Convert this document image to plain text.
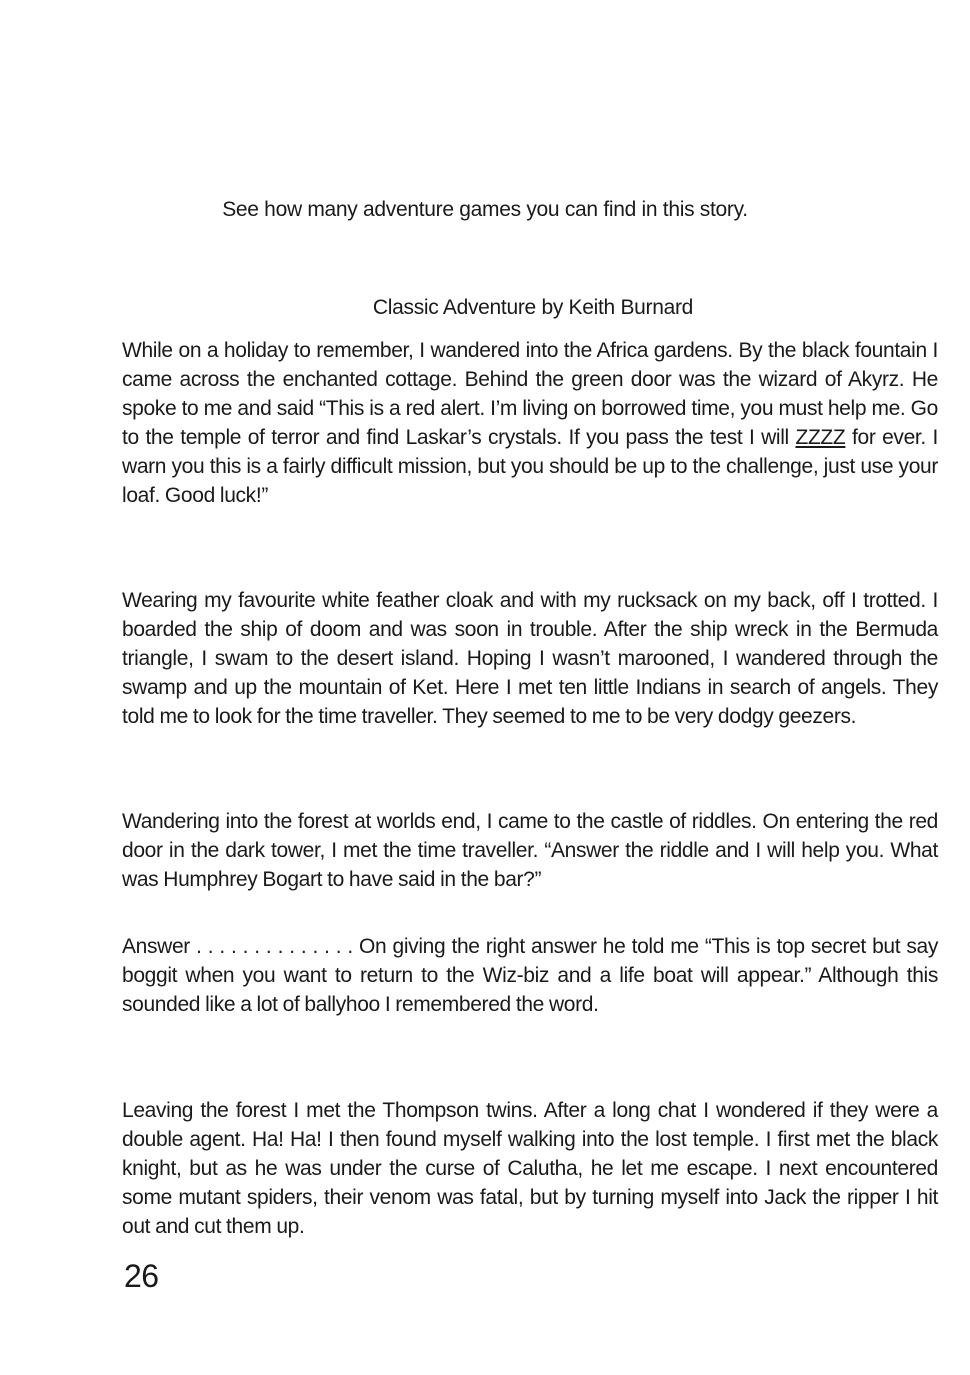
See how many adventure games you can find in this story.
Classic Adventure by Keith Burnard

While on a holiday to remember, I wandered into the Africa gardens. By the black fountain I came across the enchanted cottage. Behind the green door was the wizard of Akyrz. He spoke to me and said “This is a red alert. I’m living on borrowed time, you must help me. Go to the temple of terror and find Laskar’s crystals. If you pass the test I will ZZZZ for ever. I warn you this is a fairly difficult mission, but you should be up to the challenge, just use your loaf. Good luck!”

Wearing my favourite white feather cloak and with my rucksack on my back, off I trotted. I boarded the ship of doom and was soon in trouble. After the ship wreck in the Bermuda triangle, I swam to the desert island. Hoping I wasn’t marooned, I wandered through the swamp and up the mountain of Ket. Here I met ten little Indians in search of angels. They told me to look for the time traveller. They seemed to me to be very dodgy geezers.

Wandering into the forest at worlds end, I came to the castle of riddles. On entering the red door in the dark tower, I met the time traveller. “Answer the riddle and I will help you. What was Humphrey Bogart to have said in the bar?”

Answer . . . . . . . . . . . . . . On giving the right answer he told me “This is top secret but say boggit when you want to return to the Wiz-biz and a life boat will appear.” Although this sounded like a lot of ballyhoo I remembered the word.

Leaving the forest I met the Thompson twins. After a long chat I wondered if they were a double agent. Ha! Ha! I then found myself walking into the lost temple. I first met the black knight, but as he was under the curse of Calutha, he let me escape. I next encountered some mutant spiders, their venom was fatal, but by turning myself into Jack the ripper I hit out and cut them up.

26
